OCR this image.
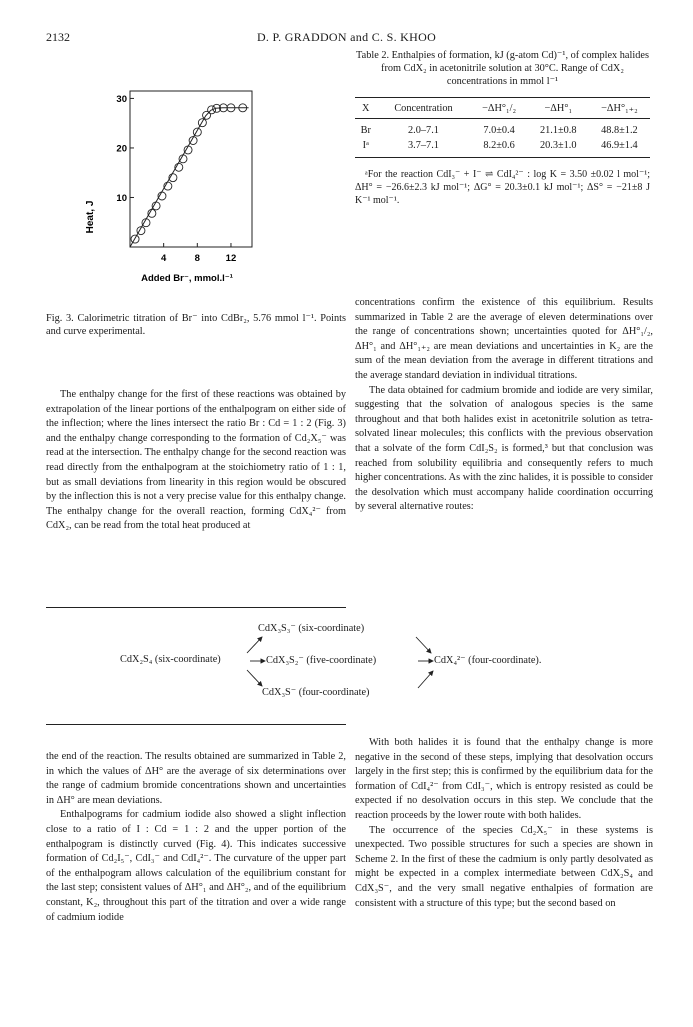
2132	D. P. GRADDON and C. S. KHOO
4	8	12
10
20
30
Heat, J
Added Br⁻, mmol.l⁻¹
Fig. 3. Calorimetric titration of Br⁻ into CdBr₂, 5.76 mmol l⁻¹. Points and curve experimental.
Table 2. Enthalpies of formation, kJ (g-atom Cd)⁻¹, of complex halides from CdX₂ in acetonitrile solution at 30°C. Range of CdX₂ concentrations in mmol l⁻¹
X	Concentration	−ΔH°₁/₂	−ΔH°₁	−ΔH°₁₊₂
Br	2.0–7.1	7.0±0.4	21.1±0.8	48.8±1.2
Iᵃ	3.7–7.1	8.2±0.6	20.3±1.0	46.9±1.4
ᵃFor the reaction CdI₃⁻ + I⁻ ⇌ CdI₄²⁻ : log K = 3.50 ±0.02 l mol⁻¹; ΔH° = −26.6±2.3 kJ mol⁻¹; ΔG° = 20.3±0.1 kJ mol⁻¹; ΔS° = −21±8 J K⁻¹ mol⁻¹.

The enthalpy change for the first of these reactions was obtained by extrapolation of the linear portions of the enthalpogram on either side of the inflection; where the lines intersect the ratio Br : Cd = 1 : 2 (Fig. 3) and the enthalpy change corresponding to the formation of Cd₂X₅⁻ was read at the intersection. The enthalpy change for the second reaction was read directly from the enthalpogram at the stoichiometry ratio of 1 : 1, but as small deviations from linearity in this region would be obscured by the inflection this is not a very precise value for this enthalpy change. The enthalpy change for the overall reaction, forming CdX₄²⁻ from CdX₂, can be read from the total heat produced at

concentrations confirm the existence of this equilibrium. Results summarized in Table 2 are the average of eleven determinations over the range of concentrations shown; uncertainties quoted for ΔH°₁/₂, ΔH°₁ and ΔH°₁₊₂ are mean deviations and uncertainties in K₂ are the sum of the mean deviation from the average in different titrations and the average standard deviation in individual titrations.

The data obtained for cadmium bromide and iodide are very similar, suggesting that the solvation of analogous species is the same throughout and that both halides exist in acetonitrile solution as tetra-solvated linear molecules; this conflicts with the previous observation that a solvate of the form CdI₂S₂ is formed,³ but that conclusion was reached from solubility equilibria and consequently refers to much higher concentrations. As with the zinc halides, it is possible to consider the desolvation which must accompany halide coordination occurring by several alternative routes:

CdX₃S₃⁻ (six-coordinate)
CdX₂S₄ (six-coordinate)	CdX₃S₂⁻ (five-coordinate)	CdX₄²⁻ (four-coordinate).
CdX₃S⁻ (four-coordinate)

the end of the reaction. The results obtained are summarized in Table 2, in which the values of ΔH° are the average of six determinations over the range of cadmium bromide concentrations shown and uncertainties in ΔH° are mean deviations.

Enthalpograms for cadmium iodide also showed a slight inflection close to a ratio of I : Cd = 1 : 2 and the upper portion of the enthalpogram is distinctly curved (Fig. 4). This indicates successive formation of Cd₂I₅⁻, CdI₃⁻ and CdI₄²⁻. The curvature of the upper part of the enthalpogram allows calculation of the equilibrium constant for the last step; consistent values of ΔH°₁ and ΔH°₂, and of the equilibrium constant, K₂, throughout this part of the titration and over a wide range of cadmium iodide

With both halides it is found that the enthalpy change is more negative in the second of these steps, implying that desolvation occurs largely in the first step; this is confirmed by the equilibrium data for the formation of CdI₄²⁻ from CdI₃⁻, which is entropy resisted as could be expected if no desolvation occurs in this step. We conclude that the reaction proceeds by the lower route with both halides.

The occurrence of the species Cd₂X₅⁻ in these systems is unexpected. Two possible structures for such a species are shown in Scheme 2. In the first of these the cadmium is only partly desolvated as might be expected in a complex intermediate between CdX₂S₄ and CdX₃S⁻, and the very small negative enthalpies of formation are consistent with a structure of this type; but the second based on
